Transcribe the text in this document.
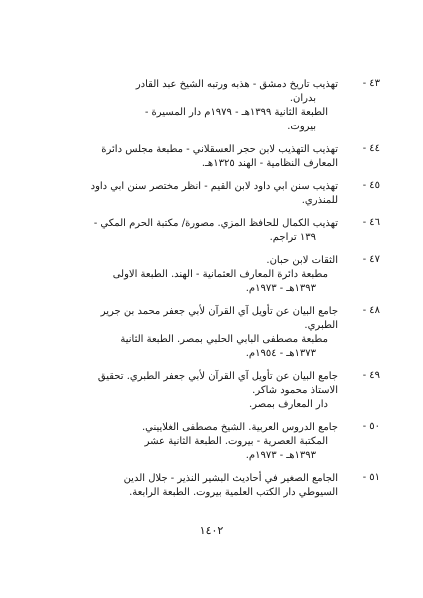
٤٣ -
تهذيب تاريخ دمشق - هذبه ورتبه الشيخ عبد القادر
بدران.
الطبعة الثانية ١٣٩٩هـ - ١٩٧٩م دار المسيرة -
بيروت.
٤٤ -
تهذيب التهذيب لابن حجر العسقلاني - مطبعة مجلس دائرة
المعارف النظامية - الهند ١٣٢٥هـ.
٤٥ -
تهذيب سنن ابي داود لابن القيم - انظر مختصر سنن ابي داود
للمنذري.
٤٦ -
تهذيب الكمال للحافظ المزي. مصورة/ مكتبة الحرم المكي -
١٣٩ تراجم.
٤٧ -
الثقات لابن حبان.
مطبعة دائرة المعارف العثمانية - الهند. الطبعة الاولى
١٣٩٣هـ - ١٩٧٣م.
٤٨ -
جامع البيان عن تأويل آي القرآن لأبي جعفر محمد بن جرير
الطبري.
مطبعة مصطفى البابي الحلبي بمصر. الطبعة الثانية
١٣٧٣هـ - ١٩٥٤م.
٤٩ -
جامع البيان عن تأويل آي القرآن لأبي جعفر الطبري. تحقيق
الاستاذ محمود شاكر.
دار المعارف بمصر.
٥٠ -
جامع الدروس العربية. الشيخ مصطفى الغلاييني.
المكتبة العصرية - بيروت. الطبعة الثانية عشر
١٣٩٣هـ - ١٩٧٣م.
٥١ -
الجامع الصغير في أحاديث البشير النذير - جلال الدين
السيوطي دار الكتب العلمية بيروت. الطبعة الرابعة.
١٤٠٢
